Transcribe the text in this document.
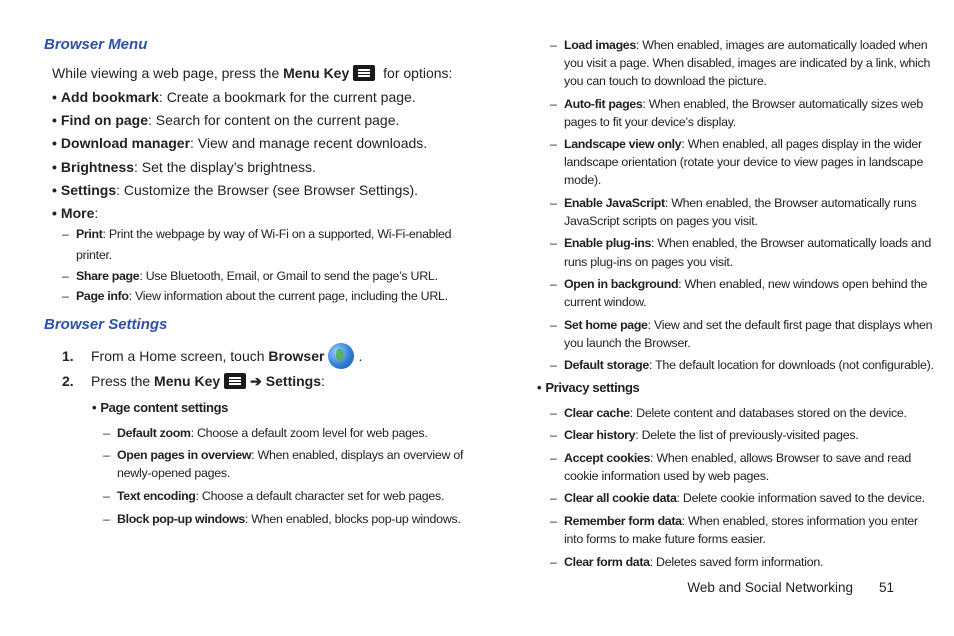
Browser Menu
While viewing a web page, press the Menu Key
for options:
• Add bookmark: Create a bookmark for the current page.
• Find on page: Search for content on the current page.
• Download manager: View and manage recent downloads.
• Brightness: Set the display’s brightness.
• Settings: Customize the Browser (see Browser Settings).
• More:
– Print: Print the webpage by way of Wi-Fi on a supported, Wi-Fi-enabled
printer.
– Share page: Use Bluetooth, Email, or Gmail to send the page’s URL.
– Page info: View information about the current page, including the URL.
Browser Settings
1. From a Home screen, touch Browser .
2. Press the Menu Key ➔ Settings:
• Page content settings
– Default zoom: Choose a default zoom level for web pages.
– Open pages in overview: When enabled, displays an overview of
newly-opened pages.
– Text encoding: Choose a default character set for web pages.
– Block pop-up windows: When enabled, blocks pop-up windows.
– Load images: When enabled, images are automatically loaded when
you visit a page. When disabled, images are indicated by a link, which
you can touch to download the picture.
– Auto-fit pages: When enabled, the Browser automatically sizes web
pages to fit your device’s display.
– Landscape view only: When enabled, all pages display in the wider
landscape orientation (rotate your device to view pages in landscape
mode).
– Enable JavaScript: When enabled, the Browser automatically runs
JavaScript scripts on pages you visit.
– Enable plug-ins: When enabled, the Browser automatically loads and
runs plug-ins on pages you visit.
– Open in background: When enabled, new windows open behind the
current window.
– Set home page: View and set the default first page that displays when
you launch the Browser.
– Default storage: The default location for downloads (not configurable).
• Privacy settings
– Clear cache: Delete content and databases stored on the device.
– Clear history: Delete the list of previously-visited pages.
– Accept cookies: When enabled, allows Browser to save and read
cookie information used by web pages.
– Clear all cookie data: Delete cookie information saved to the device.
– Remember form data: When enabled, stores information you enter
into forms to make future forms easier.
– Clear form data: Deletes saved form information.
Web and Social Networking 51
